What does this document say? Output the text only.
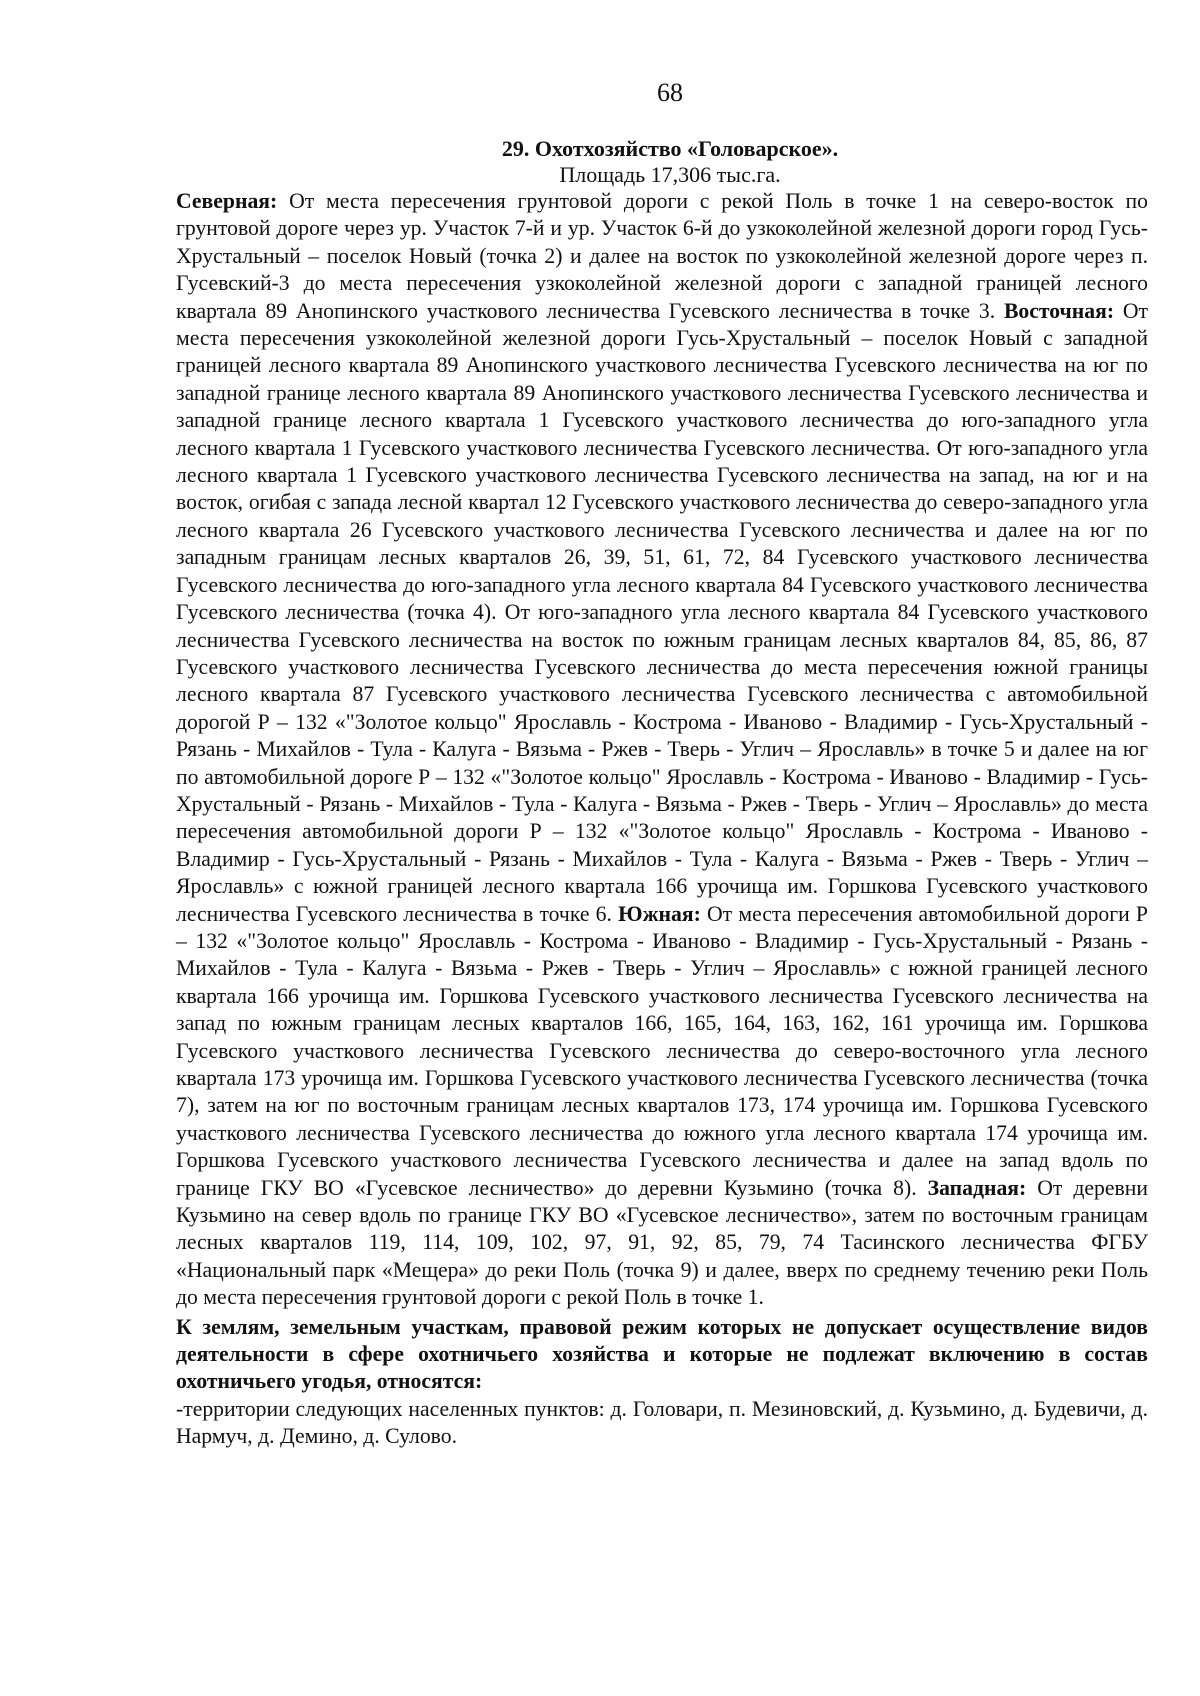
68
29. Охотхозяйство «Головарское».
Площадь 17,306 тыс.га.

Северная: От места пересечения грунтовой дороги с рекой Поль в точке 1 на северо-восток по грунтовой дороге через ур. Участок 7-й и ур. Участок 6-й до узкоколейной железной дороги город Гусь-Хрустальный – поселок Новый (точка 2) и далее на восток по узкоколейной железной дороге через п. Гусевский-3 до места пересечения узкоколейной железной дороги с западной границей лесного квартала 89 Анопинского участкового лесничества Гусевского лесничества в точке 3. Восточная: От места пересечения узкоколейной железной дороги Гусь-Хрустальный – поселок Новый с западной границей лесного квартала 89 Анопинского участкового лесничества Гусевского лесничества на юг по западной границе лесного квартала 89 Анопинского участкового лесничества Гусевского лесничества и западной границе лесного квартала 1 Гусевского участкового лесничества до юго-западного угла лесного квартала 1 Гусевского участкового лесничества Гусевского лесничества. От юго-западного угла лесного квартала 1 Гусевского участкового лесничества Гусевского лесничества на запад, на юг и на восток, огибая с запада лесной квартал 12 Гусевского участкового лесничества до северо-западного угла лесного квартала 26 Гусевского участкового лесничества Гусевского лесничества и далее на юг по западным границам лесных кварталов 26, 39, 51, 61, 72, 84 Гусевского участкового лесничества Гусевского лесничества до юго-западного угла лесного квартала 84 Гусевского участкового лесничества Гусевского лесничества (точка 4). От юго-западного угла лесного квартала 84 Гусевского участкового лесничества Гусевского лесничества на восток по южным границам лесных кварталов 84, 85, 86, 87 Гусевского участкового лесничества Гусевского лесничества до места пересечения южной границы лесного квартала 87 Гусевского участкового лесничества Гусевского лесничества с автомобильной дорогой Р – 132 «"Золотое кольцо" Ярославль - Кострома - Иваново - Владимир - Гусь-Хрустальный - Рязань - Михайлов - Тула - Калуга - Вязьма - Ржев - Тверь - Углич – Ярославль» в точке 5 и далее на юг по автомобильной дороге Р – 132 «"Золотое кольцо" Ярославль - Кострома - Иваново - Владимир - Гусь-Хрустальный - Рязань - Михайлов - Тула - Калуга - Вязьма - Ржев - Тверь - Углич – Ярославль» до места пересечения автомобильной дороги Р – 132 «"Золотое кольцо" Ярославль - Кострома - Иваново - Владимир - Гусь-Хрустальный - Рязань - Михайлов - Тула - Калуга - Вязьма - Ржев - Тверь - Углич – Ярославль» с южной границей лесного квартала 166 урочища им. Горшкова Гусевского участкового лесничества Гусевского лесничества в точке 6. Южная: От места пересечения автомобильной дороги Р – 132 «"Золотое кольцо" Ярославль - Кострома - Иваново - Владимир - Гусь-Хрустальный - Рязань - Михайлов - Тула - Калуга - Вязьма - Ржев - Тверь - Углич – Ярославль» с южной границей лесного квартала 166 урочища им. Горшкова Гусевского участкового лесничества Гусевского лесничества на запад по южным границам лесных кварталов 166, 165, 164, 163, 162, 161 урочища им. Горшкова Гусевского участкового лесничества Гусевского лесничества до северо-восточного угла лесного квартала 173 урочища им. Горшкова Гусевского участкового лесничества Гусевского лесничества (точка 7), затем на юг по восточным границам лесных кварталов 173, 174 урочища им. Горшкова Гусевского участкового лесничества Гусевского лесничества до южного угла лесного квартала 174 урочища им. Горшкова Гусевского участкового лесничества Гусевского лесничества и далее на запад вдоль по границе ГКУ ВО «Гусевское лесничество» до деревни Кузьмино (точка 8). Западная: От деревни Кузьмино на север вдоль по границе ГКУ ВО «Гусевское лесничество», затем по восточным границам лесных кварталов 119, 114, 109, 102, 97, 91, 92, 85, 79, 74 Тасинского лесничества ФГБУ «Национальный парк «Мещера» до реки Поль (точка 9) и далее, вверх по среднему течению реки Поль до места пересечения грунтовой дороги с рекой Поль в точке 1.

К землям, земельным участкам, правовой режим которых не допускает осуществление видов деятельности в сфере охотничьего хозяйства и которые не подлежат включению в состав охотничьего угодья, относятся:

-территории следующих населенных пунктов: д. Головари, п. Мезиновский, д. Кузьмино, д. Будевичи, д. Нармуч, д. Демино, д. Сулово.
